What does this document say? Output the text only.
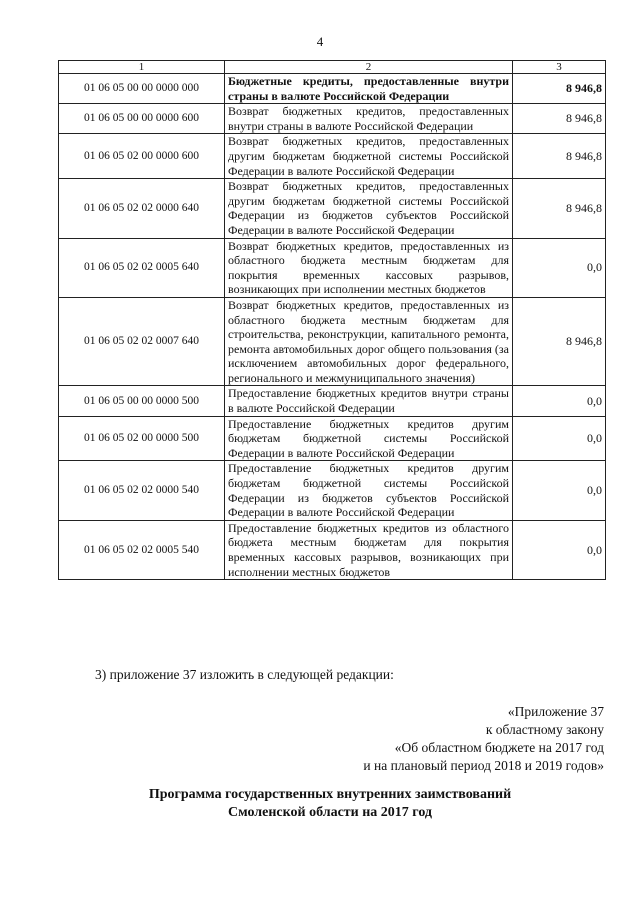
4
1	2	3
01 06 05 00 00 0000 000	Бюджетные кредиты, предоставленные внутри страны в валюте Российской Федерации	8 946,8
01 06 05 00 00 0000 600	Возврат бюджетных кредитов, предоставленных внутри страны в валюте Российской Федерации	8 946,8
01 06 05 02 00 0000 600	Возврат бюджетных кредитов, предоставленных другим бюджетам бюджетной системы Российской Федерации в валюте Российской Федерации	8 946,8
01 06 05 02 02 0000 640	Возврат бюджетных кредитов, предоставленных другим бюджетам бюджетной системы Российской Федерации из бюджетов субъектов Российской Федерации в валюте Российской Федерации	8 946,8
01 06 05 02 02 0005 640	Возврат бюджетных кредитов, предоставленных из областного бюджета местным бюджетам для покрытия временных кассовых разрывов, возникающих при исполнении местных бюджетов	0,0
01 06 05 02 02 0007 640	Возврат бюджетных кредитов, предоставленных из областного бюджета местным бюджетам для строительства, реконструкции, капитального ремонта, ремонта автомобильных дорог общего пользования (за исключением автомобильных дорог федерального, регионального и межмуниципального значения)	8 946,8
01 06 05 00 00 0000 500	Предоставление бюджетных кредитов внутри страны в валюте Российской Федерации	0,0
01 06 05 02 00 0000 500	Предоставление бюджетных кредитов другим бюджетам бюджетной системы Российской Федерации в валюте Российской Федерации	0,0
01 06 05 02 02 0000 540	Предоставление бюджетных кредитов другим бюджетам бюджетной системы Российской Федерации из бюджетов субъектов Российской Федерации в валюте Российской Федерации	0,0
01 06 05 02 02 0005 540	Предоставление бюджетных кредитов из областного бюджета местным бюджетам для покрытия временных кассовых разрывов, возникающих при исполнении местных бюджетов	0,0
3) приложение 37 изложить в следующей редакции:
«Приложение 37
к областному закону
«Об областном бюджете на 2017 год
и на плановый период 2018 и 2019 годов»
Программа государственных внутренних заимствований
Смоленской области на 2017 год
